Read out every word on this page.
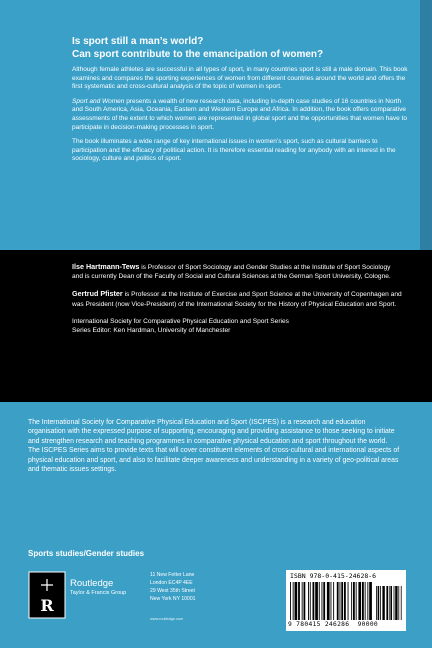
Is sport still a man’s world?
Can sport contribute to the emancipation of women?

Although female athletes are successful in all types of sport, in many countries sport is still a male domain. This book examines and compares the sporting experiences of women from different countries around the world and offers the first systematic and cross-cultural analysis of the topic of women in sport.

Sport and Women presents a wealth of new research data, including in-depth case studies of 16 countries in North and South America, Asia, Oceania, Eastern and Western Europe and Africa. In addition, the book offers comparative assessments of the extent to which women are represented in global sport and the opportunities that women have to participate in decision-making processes in sport.

The book illuminates a wide range of key international issues in women’s sport, such as cultural barriers to participation and the efficacy of political action. It is therefore essential reading for anybody with an interest in the sociology, culture and politics of sport.

Ilse Hartmann-Tews is Professor of Sport Sociology and Gender Studies at the Institute of Sport Sociology and is currently Dean of the Faculty of Social and Cultural Sciences at the German Sport University, Cologne.

Gertrud Pfister is Professor at the Institute of Exercise and Sport Science at the University of Copenhagen and was President (now Vice-President) of the International Society for the History of Physical Education and Sport.

International Society for Comparative Physical Education and Sport Series
Series Editor: Ken Hardman, University of Manchester

The International Society for Comparative Physical Education and Sport (ISCPES) is a research and education organisation with the expressed purpose of supporting, encouraging and providing assistance to those seeking to initiate and strengthen research and teaching programmes in comparative physical education and sport throughout the world. The ISCPES Series aims to provide texts that will cover constituent elements of cross-cultural and international aspects of physical education and sport, and also to facilitate deeper awareness and understanding in a variety of geo-political areas and thematic issues settings.

Sports studies/Gender studies
R
Routledge
Taylor & Francis Group
11 New Fetter Lane
London EC4P 4EE
29 West 35th Street
New York NY 10001
www.routledge.com
ISBN 978-0-415-24628-6
9 780415 246286 90000
